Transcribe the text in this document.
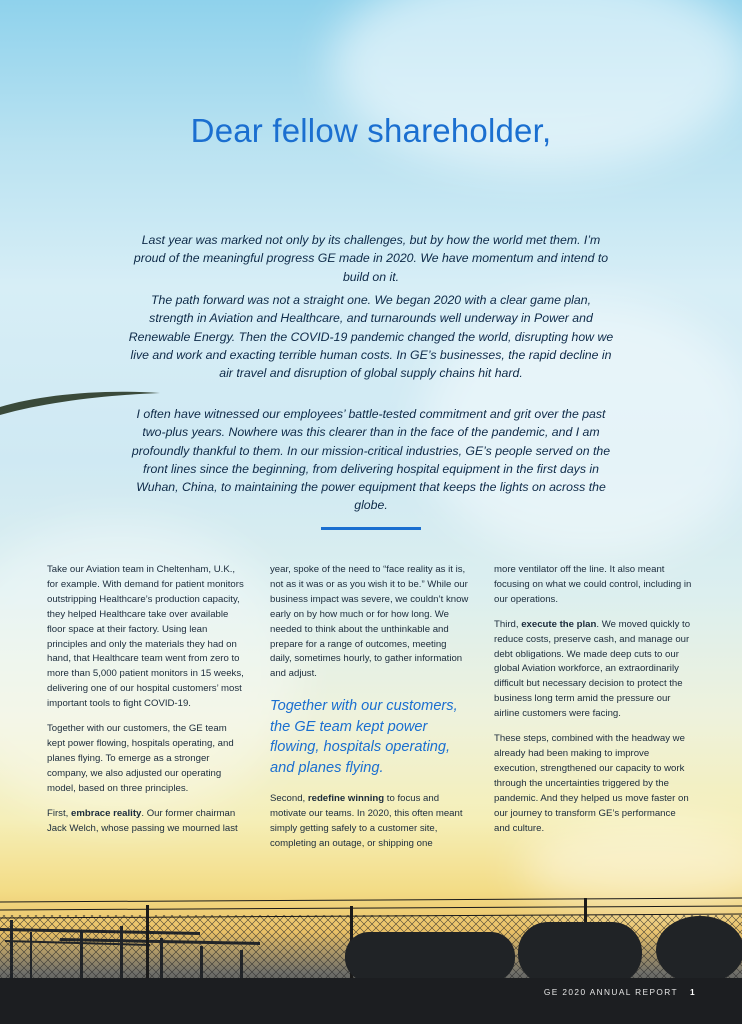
Dear fellow shareholder,

Last year was marked not only by its challenges, but by how the world met them. I’m proud of the meaningful progress GE made in 2020. We have momentum and intend to build on it.

The path forward was not a straight one. We began 2020 with a clear game plan, strength in Aviation and Healthcare, and turnarounds well underway in Power and Renewable Energy. Then the COVID-19 pandemic changed the world, disrupting how we live and work and exacting terrible human costs. In GE’s businesses, the rapid decline in air travel and disruption of global supply chains hit hard.

I often have witnessed our employees’ battle-tested commitment and grit over the past two-plus years. Nowhere was this clearer than in the face of the pandemic, and I am profoundly thankful to them. In our mission-critical industries, GE’s people served on the front lines since the beginning, from delivering hospital equipment in the first days in Wuhan, China, to maintaining the power equipment that keeps the lights on across the globe.

Take our Aviation team in Cheltenham, U.K., for example. With demand for patient monitors outstripping Healthcare’s production capacity, they helped Healthcare take over available floor space at their factory. Using lean principles and only the materials they had on hand, that Healthcare team went from zero to more than 5,000 patient monitors in 15 weeks, delivering one of our hospital customers’ most important tools to fight COVID-19.

Together with our customers, the GE team kept power flowing, hospitals operating, and planes flying. To emerge as a stronger company, we also adjusted our operating model, based on three principles.

First, embrace reality. Our former chairman Jack Welch, whose passing we mourned last

year, spoke of the need to “face reality as it is, not as it was or as you wish it to be.” While our business impact was severe, we couldn’t know early on by how much or for how long. We needed to think about the unthinkable and prepare for a range of outcomes, meeting daily, sometimes hourly, to gather information and adjust.

Together with our customers, the GE team kept power flowing, hospitals operating, and planes flying.

Second, redefine winning to focus and motivate our teams. In 2020, this often meant simply getting safely to a customer site, completing an outage, or shipping one

more ventilator off the line. It also meant focusing on what we could control, including in our operations.

Third, execute the plan. We moved quickly to reduce costs, preserve cash, and manage our debt obligations. We made deep cuts to our global Aviation workforce, an extraordinarily difficult but necessary decision to protect the business long term amid the pressure our airline customers were facing.

These steps, combined with the headway we already had been making to improve execution, strengthened our capacity to work through the uncertainties triggered by the pandemic. And they helped us move faster on our journey to transform GE’s performance and culture.

GE 2020 ANNUAL REPORT 1
